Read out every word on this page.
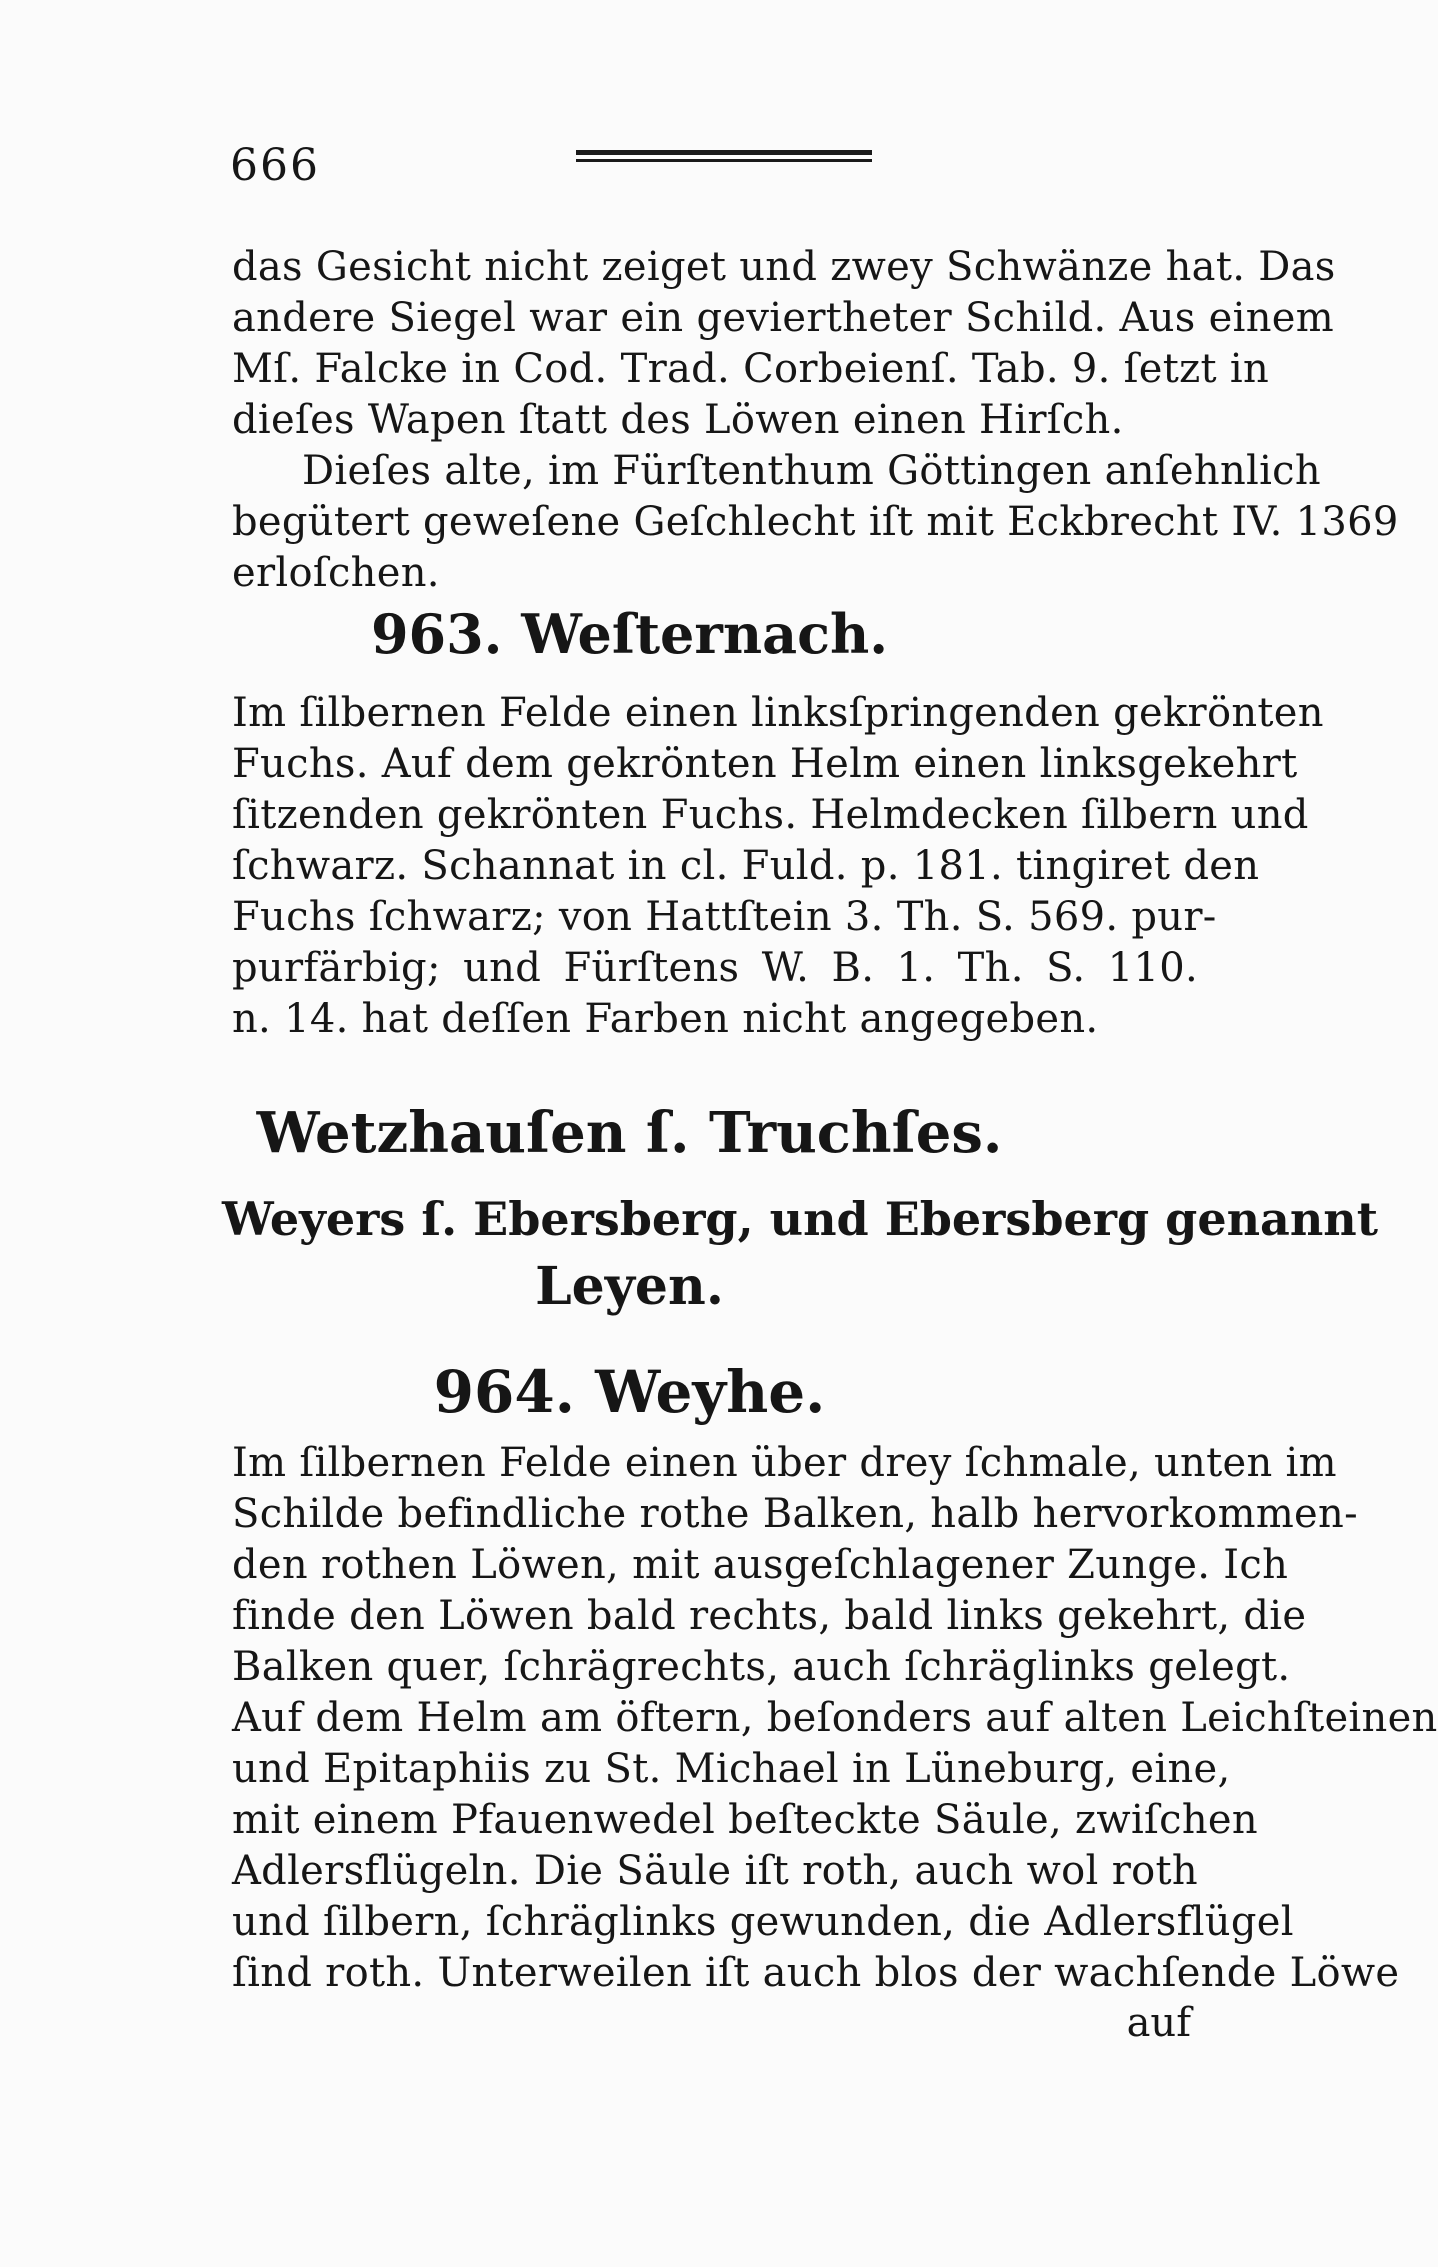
666
das Gesicht nicht zeiget und zwey Schwänze hat. Das
andere Siegel war ein geviertheter Schild. Aus einem
Mſ. Falcke in Cod. Trad. Corbeienſ. Tab. 9. ſetzt in
dieſes Wapen ſtatt des Löwen einen Hirſch.
Dieſes alte, im Fürſtenthum Göttingen anſehnlich
begütert geweſene Geſchlecht iſt mit Eckbrecht IV. 1369
erloſchen.
963. Weſternach.
Im ſilbernen Felde einen linksſpringenden gekrönten
Fuchs. Auf dem gekrönten Helm einen linksgekehrt
ſitzenden gekrönten Fuchs. Helmdecken ſilbern und
ſchwarz. Schannat in cl. Fuld. p. 181. tingiret den
Fuchs ſchwarz; von Hattſtein 3. Th. S. 569. pur-
purfärbig; und Fürſtens W. B. 1. Th. S. 110.
n. 14. hat deſſen Farben nicht angegeben.
Wetzhauſen ſ. Truchſes.
Weyers ſ. Ebersberg, und Ebersberg genannt
Leyen.
964. Weyhe.
Im ſilbernen Felde einen über drey ſchmale, unten im
Schilde befindliche rothe Balken, halb hervorkommen-
den rothen Löwen, mit ausgeſchlagener Zunge. Ich
finde den Löwen bald rechts, bald links gekehrt, die
Balken quer, ſchrägrechts, auch ſchräglinks gelegt.
Auf dem Helm am öftern, beſonders auf alten Leichſteinen
und Epitaphiis zu St. Michael in Lüneburg, eine,
mit einem Pfauenwedel beſteckte Säule, zwiſchen
Adlersflügeln. Die Säule iſt roth, auch wol roth
und ſilbern, ſchräglinks gewunden, die Adlersflügel
ſind roth. Unterweilen iſt auch blos der wachſende Löwe
auf
